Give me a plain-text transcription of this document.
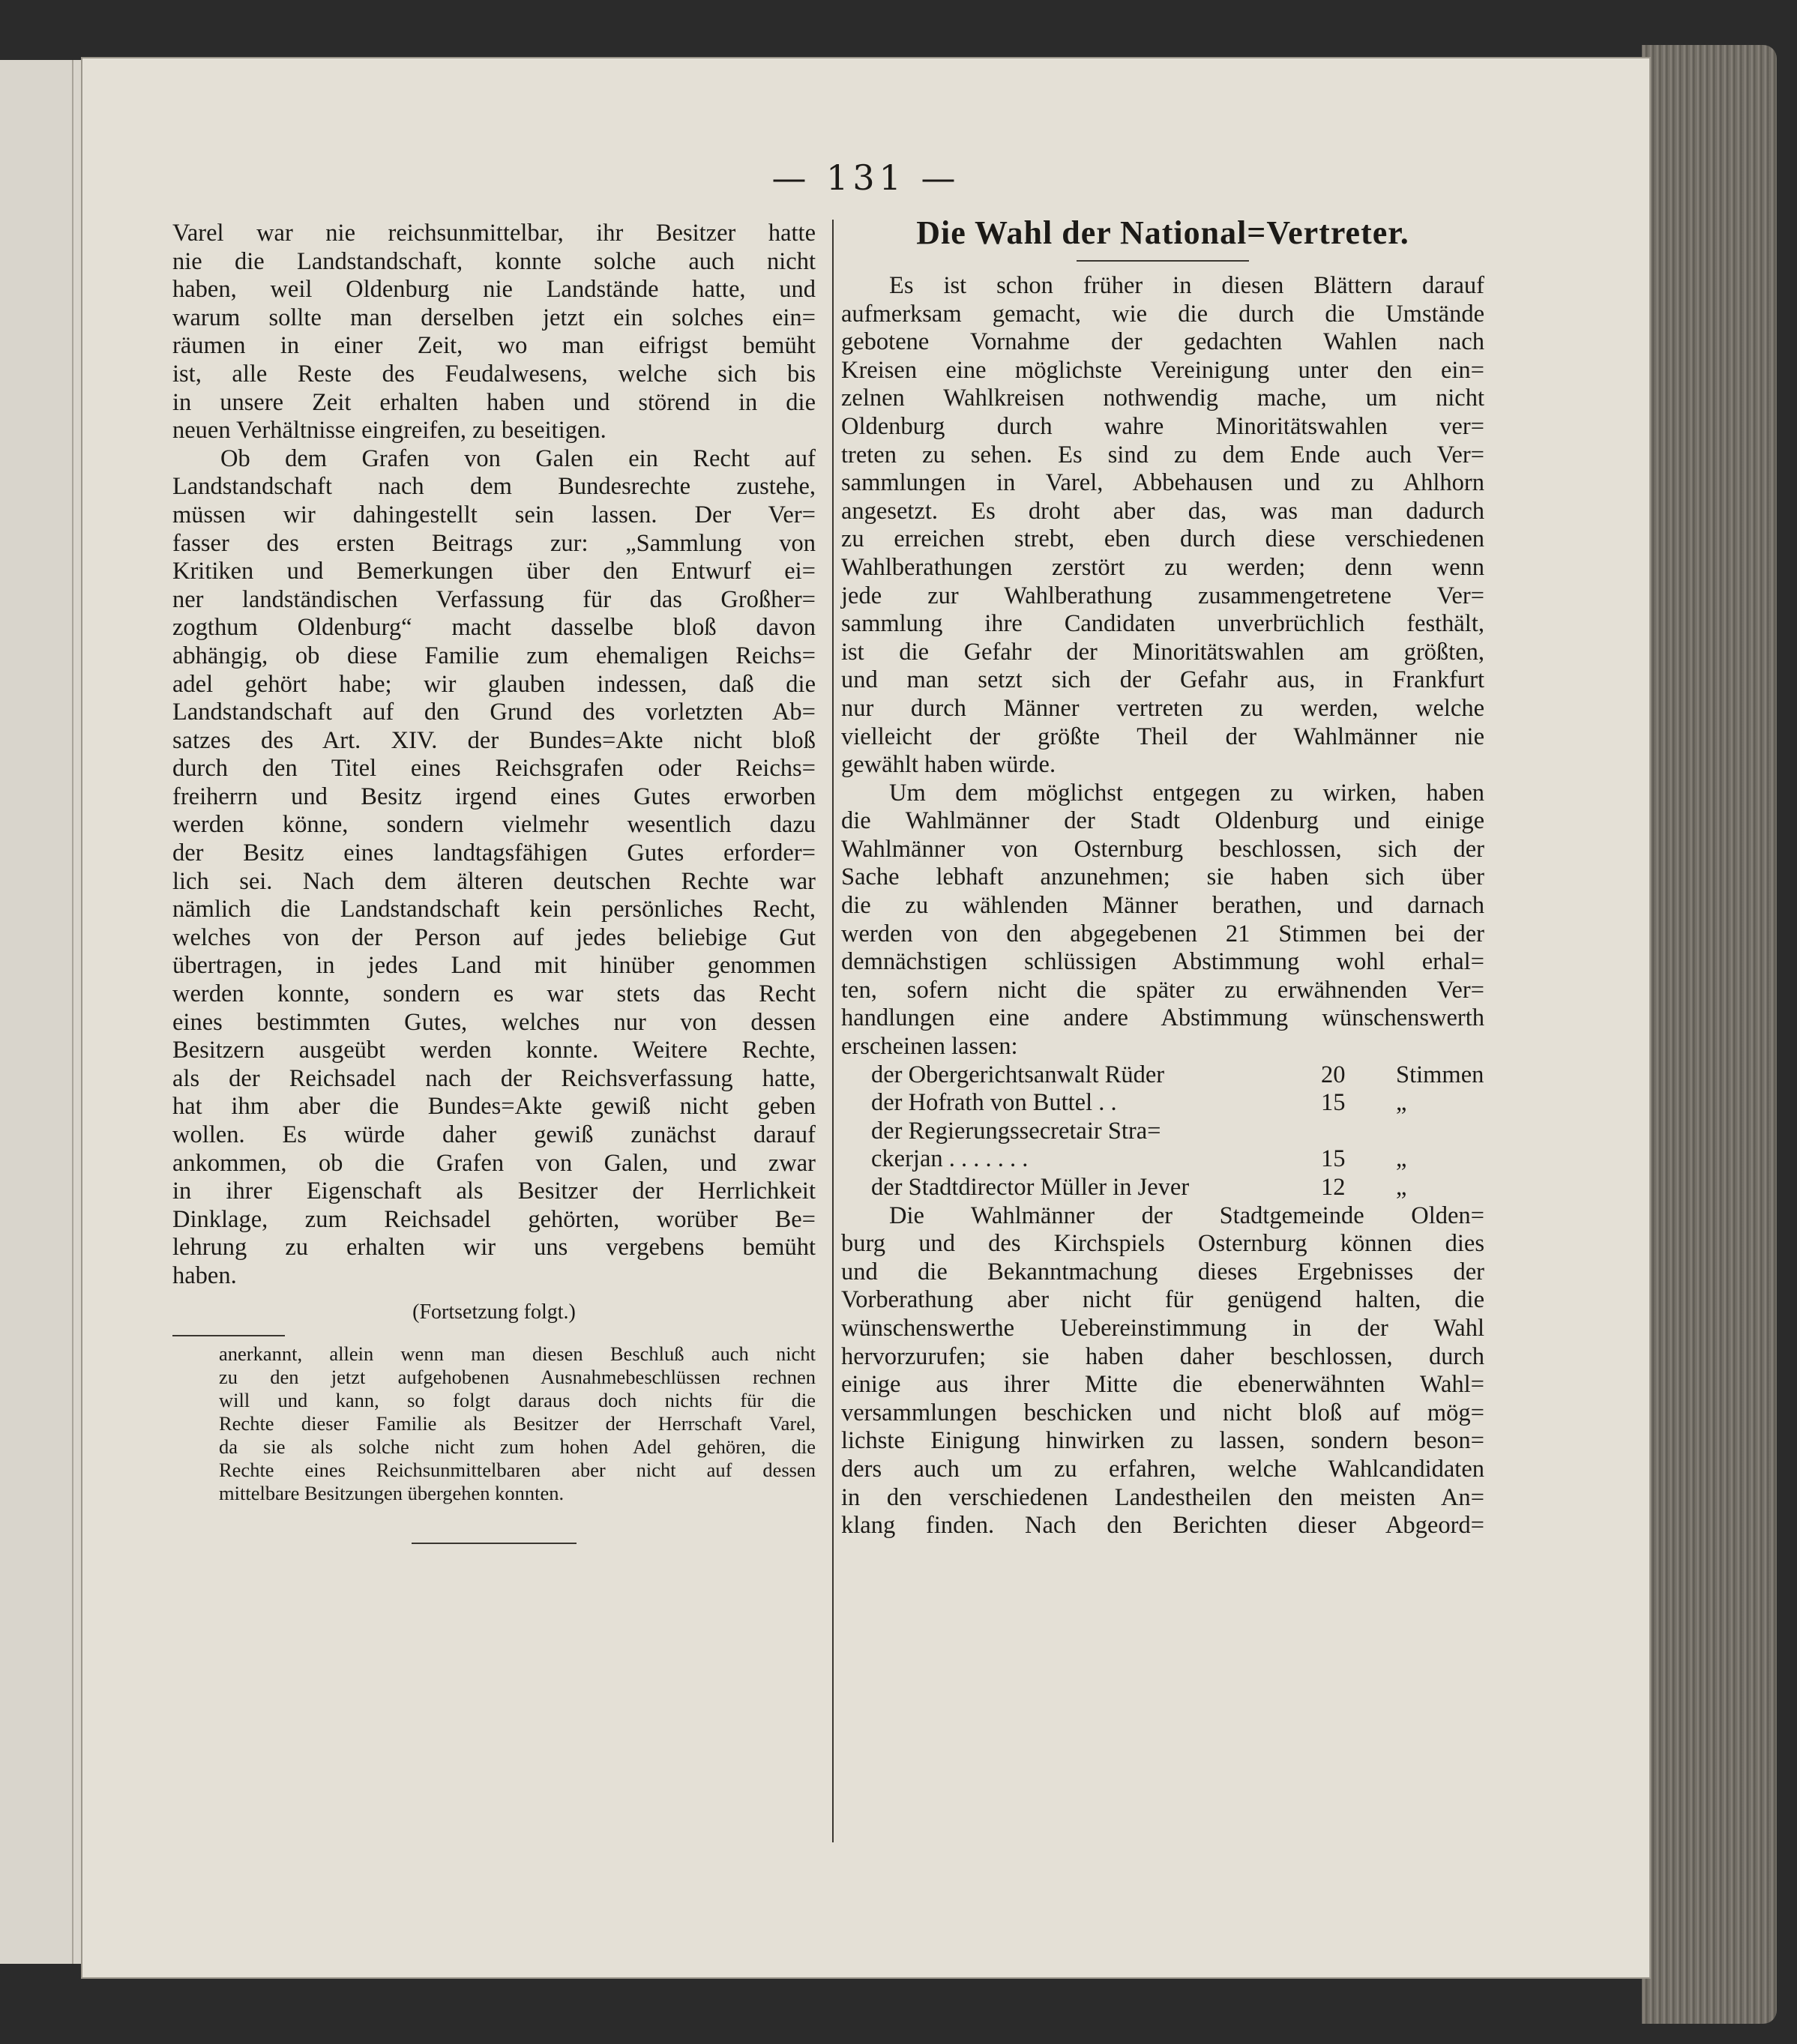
— 131 —
Varel war nie reichsunmittelbar, ihr Besitzer hatte
nie die Landstandschaft, konnte solche auch nicht
haben, weil Oldenburg nie Landstände hatte, und
warum sollte man derselben jetzt ein solches ein=
räumen in einer Zeit, wo man eifrigst bemüht
ist, alle Reste des Feudalwesens, welche sich bis
in unsere Zeit erhalten haben und störend in die
neuen Verhältnisse eingreifen, zu beseitigen.
Ob dem Grafen von Galen ein Recht auf
Landstandschaft nach dem Bundesrechte zustehe,
müssen wir dahingestellt sein lassen. Der Ver=
fasser des ersten Beitrags zur: „Sammlung von
Kritiken und Bemerkungen über den Entwurf ei=
ner landständischen Verfassung für das Großher=
zogthum Oldenburg“ macht dasselbe bloß davon
abhängig, ob diese Familie zum ehemaligen Reichs=
adel gehört habe; wir glauben indessen, daß die
Landstandschaft auf den Grund des vorletzten Ab=
satzes des Art. XIV. der Bundes=Akte nicht bloß
durch den Titel eines Reichsgrafen oder Reichs=
freiherrn und Besitz irgend eines Gutes erworben
werden könne, sondern vielmehr wesentlich dazu
der Besitz eines landtagsfähigen Gutes erforder=
lich sei. Nach dem älteren deutschen Rechte war
nämlich die Landstandschaft kein persönliches Recht,
welches von der Person auf jedes beliebige Gut
übertragen, in jedes Land mit hinüber genommen
werden konnte, sondern es war stets das Recht
eines bestimmten Gutes, welches nur von dessen
Besitzern ausgeübt werden konnte. Weitere Rechte,
als der Reichsadel nach der Reichsverfassung hatte,
hat ihm aber die Bundes=Akte gewiß nicht geben
wollen. Es würde daher gewiß zunächst darauf
ankommen, ob die Grafen von Galen, und zwar
in ihrer Eigenschaft als Besitzer der Herrlichkeit
Dinklage, zum Reichsadel gehörten, worüber Be=
lehrung zu erhalten wir uns vergebens bemüht
haben.
(Fortsetzung folgt.)
anerkannt, allein wenn man diesen Beschluß auch nicht
zu den jetzt aufgehobenen Ausnahmebeschlüssen rechnen
will und kann, so folgt daraus doch nichts für die
Rechte dieser Familie als Besitzer der Herrschaft Varel,
da sie als solche nicht zum hohen Adel gehören, die
Rechte eines Reichsunmittelbaren aber nicht auf dessen
mittelbare Besitzungen übergehen konnten.
Die Wahl der National=Vertreter.
Es ist schon früher in diesen Blättern darauf
aufmerksam gemacht, wie die durch die Umstände
gebotene Vornahme der gedachten Wahlen nach
Kreisen eine möglichste Vereinigung unter den ein=
zelnen Wahlkreisen nothwendig mache, um nicht
Oldenburg durch wahre Minoritätswahlen ver=
treten zu sehen. Es sind zu dem Ende auch Ver=
sammlungen in Varel, Abbehausen und zu Ahlhorn
angesetzt. Es droht aber das, was man dadurch
zu erreichen strebt, eben durch diese verschiedenen
Wahlberathungen zerstört zu werden; denn wenn
jede zur Wahlberathung zusammengetretene Ver=
sammlung ihre Candidaten unverbrüchlich festhält,
ist die Gefahr der Minoritätswahlen am größten,
und man setzt sich der Gefahr aus, in Frankfurt
nur durch Männer vertreten zu werden, welche
vielleicht der größte Theil der Wahlmänner nie
gewählt haben würde.
Um dem möglichst entgegen zu wirken, haben
die Wahlmänner der Stadt Oldenburg und einige
Wahlmänner von Osternburg beschlossen, sich der
Sache lebhaft anzunehmen; sie haben sich über
die zu wählenden Männer berathen, und darnach
werden von den abgegebenen 21 Stimmen bei der
demnächstigen schlüssigen Abstimmung wohl erhal=
ten, sofern nicht die später zu erwähnenden Ver=
handlungen eine andere Abstimmung wünschenswerth
erscheinen lassen:
der Obergerichtsanwalt Rüder	20	Stimmen
der Hofrath von Buttel . .	15	„
der Regierungssecretair Stra=
ckerjan . . . . . . .	15	„
der Stadtdirector Müller in Jever	12	„
Die Wahlmänner der Stadtgemeinde Olden=
burg und des Kirchspiels Osternburg können dies
und die Bekanntmachung dieses Ergebnisses der
Vorberathung aber nicht für genügend halten, die
wünschenswerthe Uebereinstimmung in der Wahl
hervorzurufen; sie haben daher beschlossen, durch
einige aus ihrer Mitte die ebenerwähnten Wahl=
versammlungen beschicken und nicht bloß auf mög=
lichste Einigung hinwirken zu lassen, sondern beson=
ders auch um zu erfahren, welche Wahlcandidaten
in den verschiedenen Landestheilen den meisten An=
klang finden. Nach den Berichten dieser Abgeord=
